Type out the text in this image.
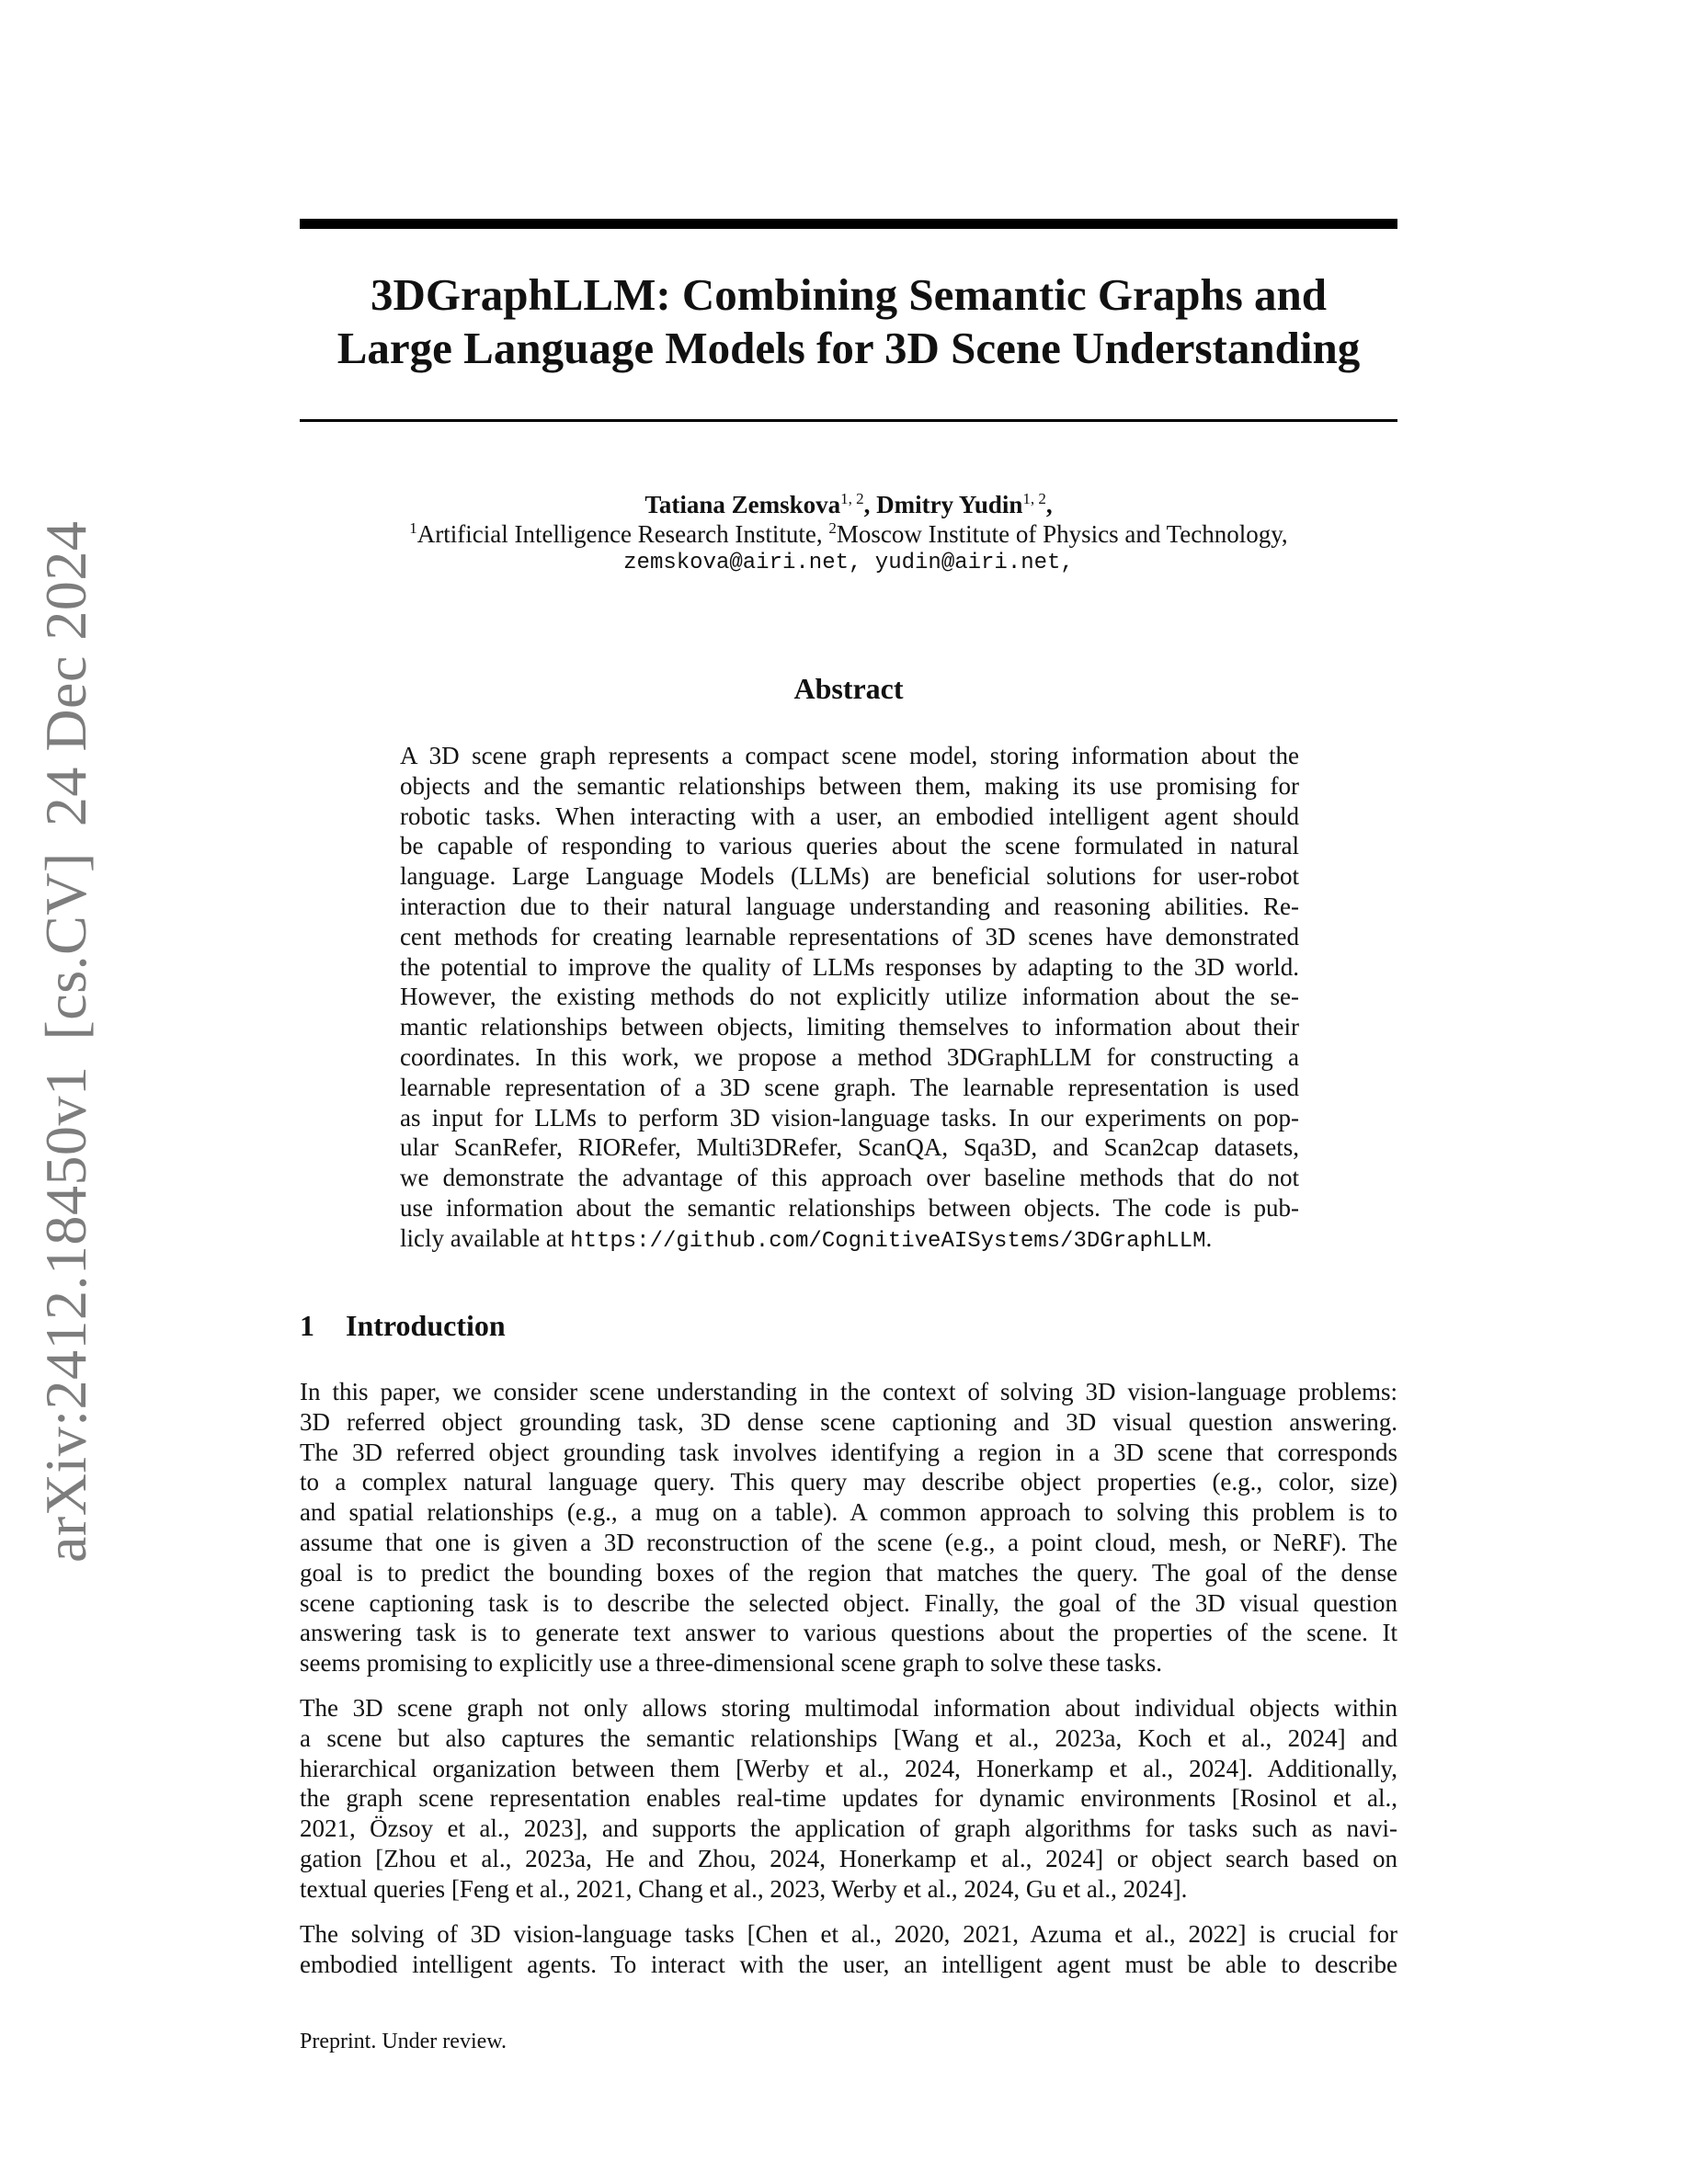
arXiv:2412.18450v1[cs.CV]24 Dec 2024
3DGraphLLM: Combining Semantic Graphs and
Large Language Models for 3D Scene Understanding
Tatiana Zemskova$^{1, 2}$, Dmitry Yudin$^{1, 2}$,
$^1$Artificial Intelligence Research Institute, $^2$Moscow Institute of Physics and Technology,
zemskova@airi.net, yudin@airi.net,
Abstract
A 3D scene graph represents a compact scene model, storing information about the
objects and the semantic relationships between them, making its use promising for
robotic tasks. When interacting with a user, an embodied intelligent agent should
be capable of responding to various queries about the scene formulated in natural
language. Large Language Models (LLMs) are beneficial solutions for user-robot
interaction due to their natural language understanding and reasoning abilities. Re-
cent methods for creating learnable representations of 3D scenes have demonstrated
the potential to improve the quality of LLMs responses by adapting to the 3D world.
However, the existing methods do not explicitly utilize information about the se-
mantic relationships between objects, limiting themselves to information about their
coordinates. In this work, we propose a method 3DGraphLLM for constructing a
learnable representation of a 3D scene graph. The learnable representation is used
as input for LLMs to perform 3D vision-language tasks. In our experiments on pop-
ular ScanRefer, RIORefer, Multi3DRefer, ScanQA, Sqa3D, and Scan2cap datasets,
we demonstrate the advantage of this approach over baseline methods that do not
use information about the semantic relationships between objects. The code is pub-
licly available at https://github.com/CognitiveAISystems/3DGraphLLM.
1 Introduction
In this paper, we consider scene understanding in the context of solving 3D vision-language problems:
3D referred object grounding task, 3D dense scene captioning and 3D visual question answering.
The 3D referred object grounding task involves identifying a region in a 3D scene that corresponds
to a complex natural language query. This query may describe object properties (e.g., color, size)
and spatial relationships (e.g., a mug on a table). A common approach to solving this problem is to
assume that one is given a 3D reconstruction of the scene (e.g., a point cloud, mesh, or NeRF). The
goal is to predict the bounding boxes of the region that matches the query. The goal of the dense
scene captioning task is to describe the selected object. Finally, the goal of the 3D visual question
answering task is to generate text answer to various questions about the properties of the scene. It
seems promising to explicitly use a three-dimensional scene graph to solve these tasks.
The 3D scene graph not only allows storing multimodal information about individual objects within
a scene but also captures the semantic relationships [Wang et al., 2023a, Koch et al., 2024] and
hierarchical organization between them [Werby et al., 2024, Honerkamp et al., 2024]. Additionally,
the graph scene representation enables real-time updates for dynamic environments [Rosinol et al.,
2021, Özsoy et al., 2023], and supports the application of graph algorithms for tasks such as navi-
gation [Zhou et al., 2023a, He and Zhou, 2024, Honerkamp et al., 2024] or object search based on
textual queries [Feng et al., 2021, Chang et al., 2023, Werby et al., 2024, Gu et al., 2024].
The solving of 3D vision-language tasks [Chen et al., 2020, 2021, Azuma et al., 2022] is crucial for
embodied intelligent agents. To interact with the user, an intelligent agent must be able to describe
Preprint. Under review.
